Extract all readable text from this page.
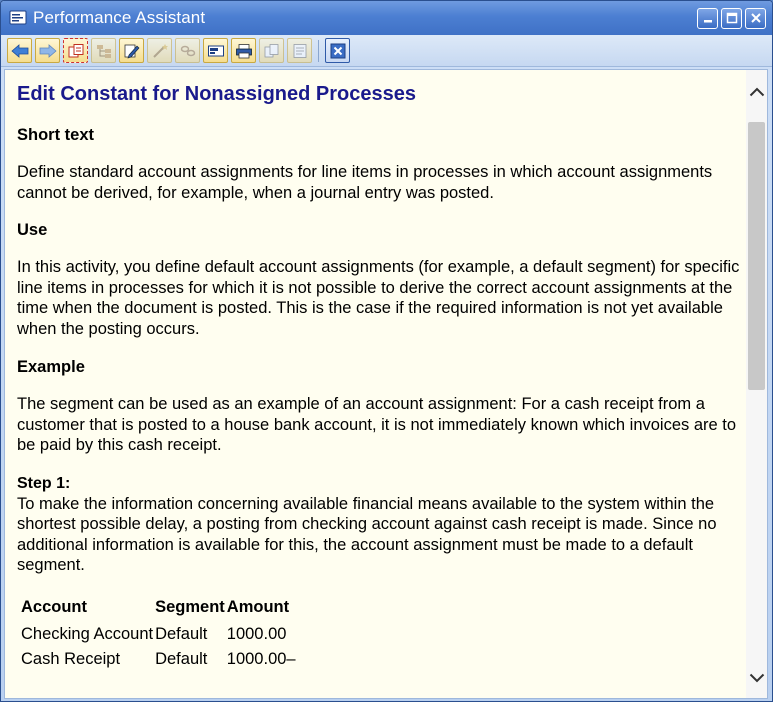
Performance Assistant
Edit Constant for Nonassigned Processes
Short text

Define standard account assignments for line items in processes in which account assignments cannot be derived, for example, when a journal entry was posted.

Use

In this activity, you define default account assignments (for example, a default segment) for specific line items in processes for which it is not possible to derive the correct account assignments at the time when the document is posted. This is the case if the required information is not yet available when the posting occurs.

Example

The segment can be used as an example of an account assignment: For a cash receipt from a customer that is posted to a house bank account, it is not immediately known which invoices are to be paid by this cash receipt.

Step 1:

To make the information concerning available financial means available to the system within the shortest possible delay, a posting from checking account against cash receipt is made. Since no additional information is available for this, the account assignment must be made to a default segment.

Account	Segment	Amount
Checking Account	Default	1000.00
Cash Receipt	Default	1000.00–
